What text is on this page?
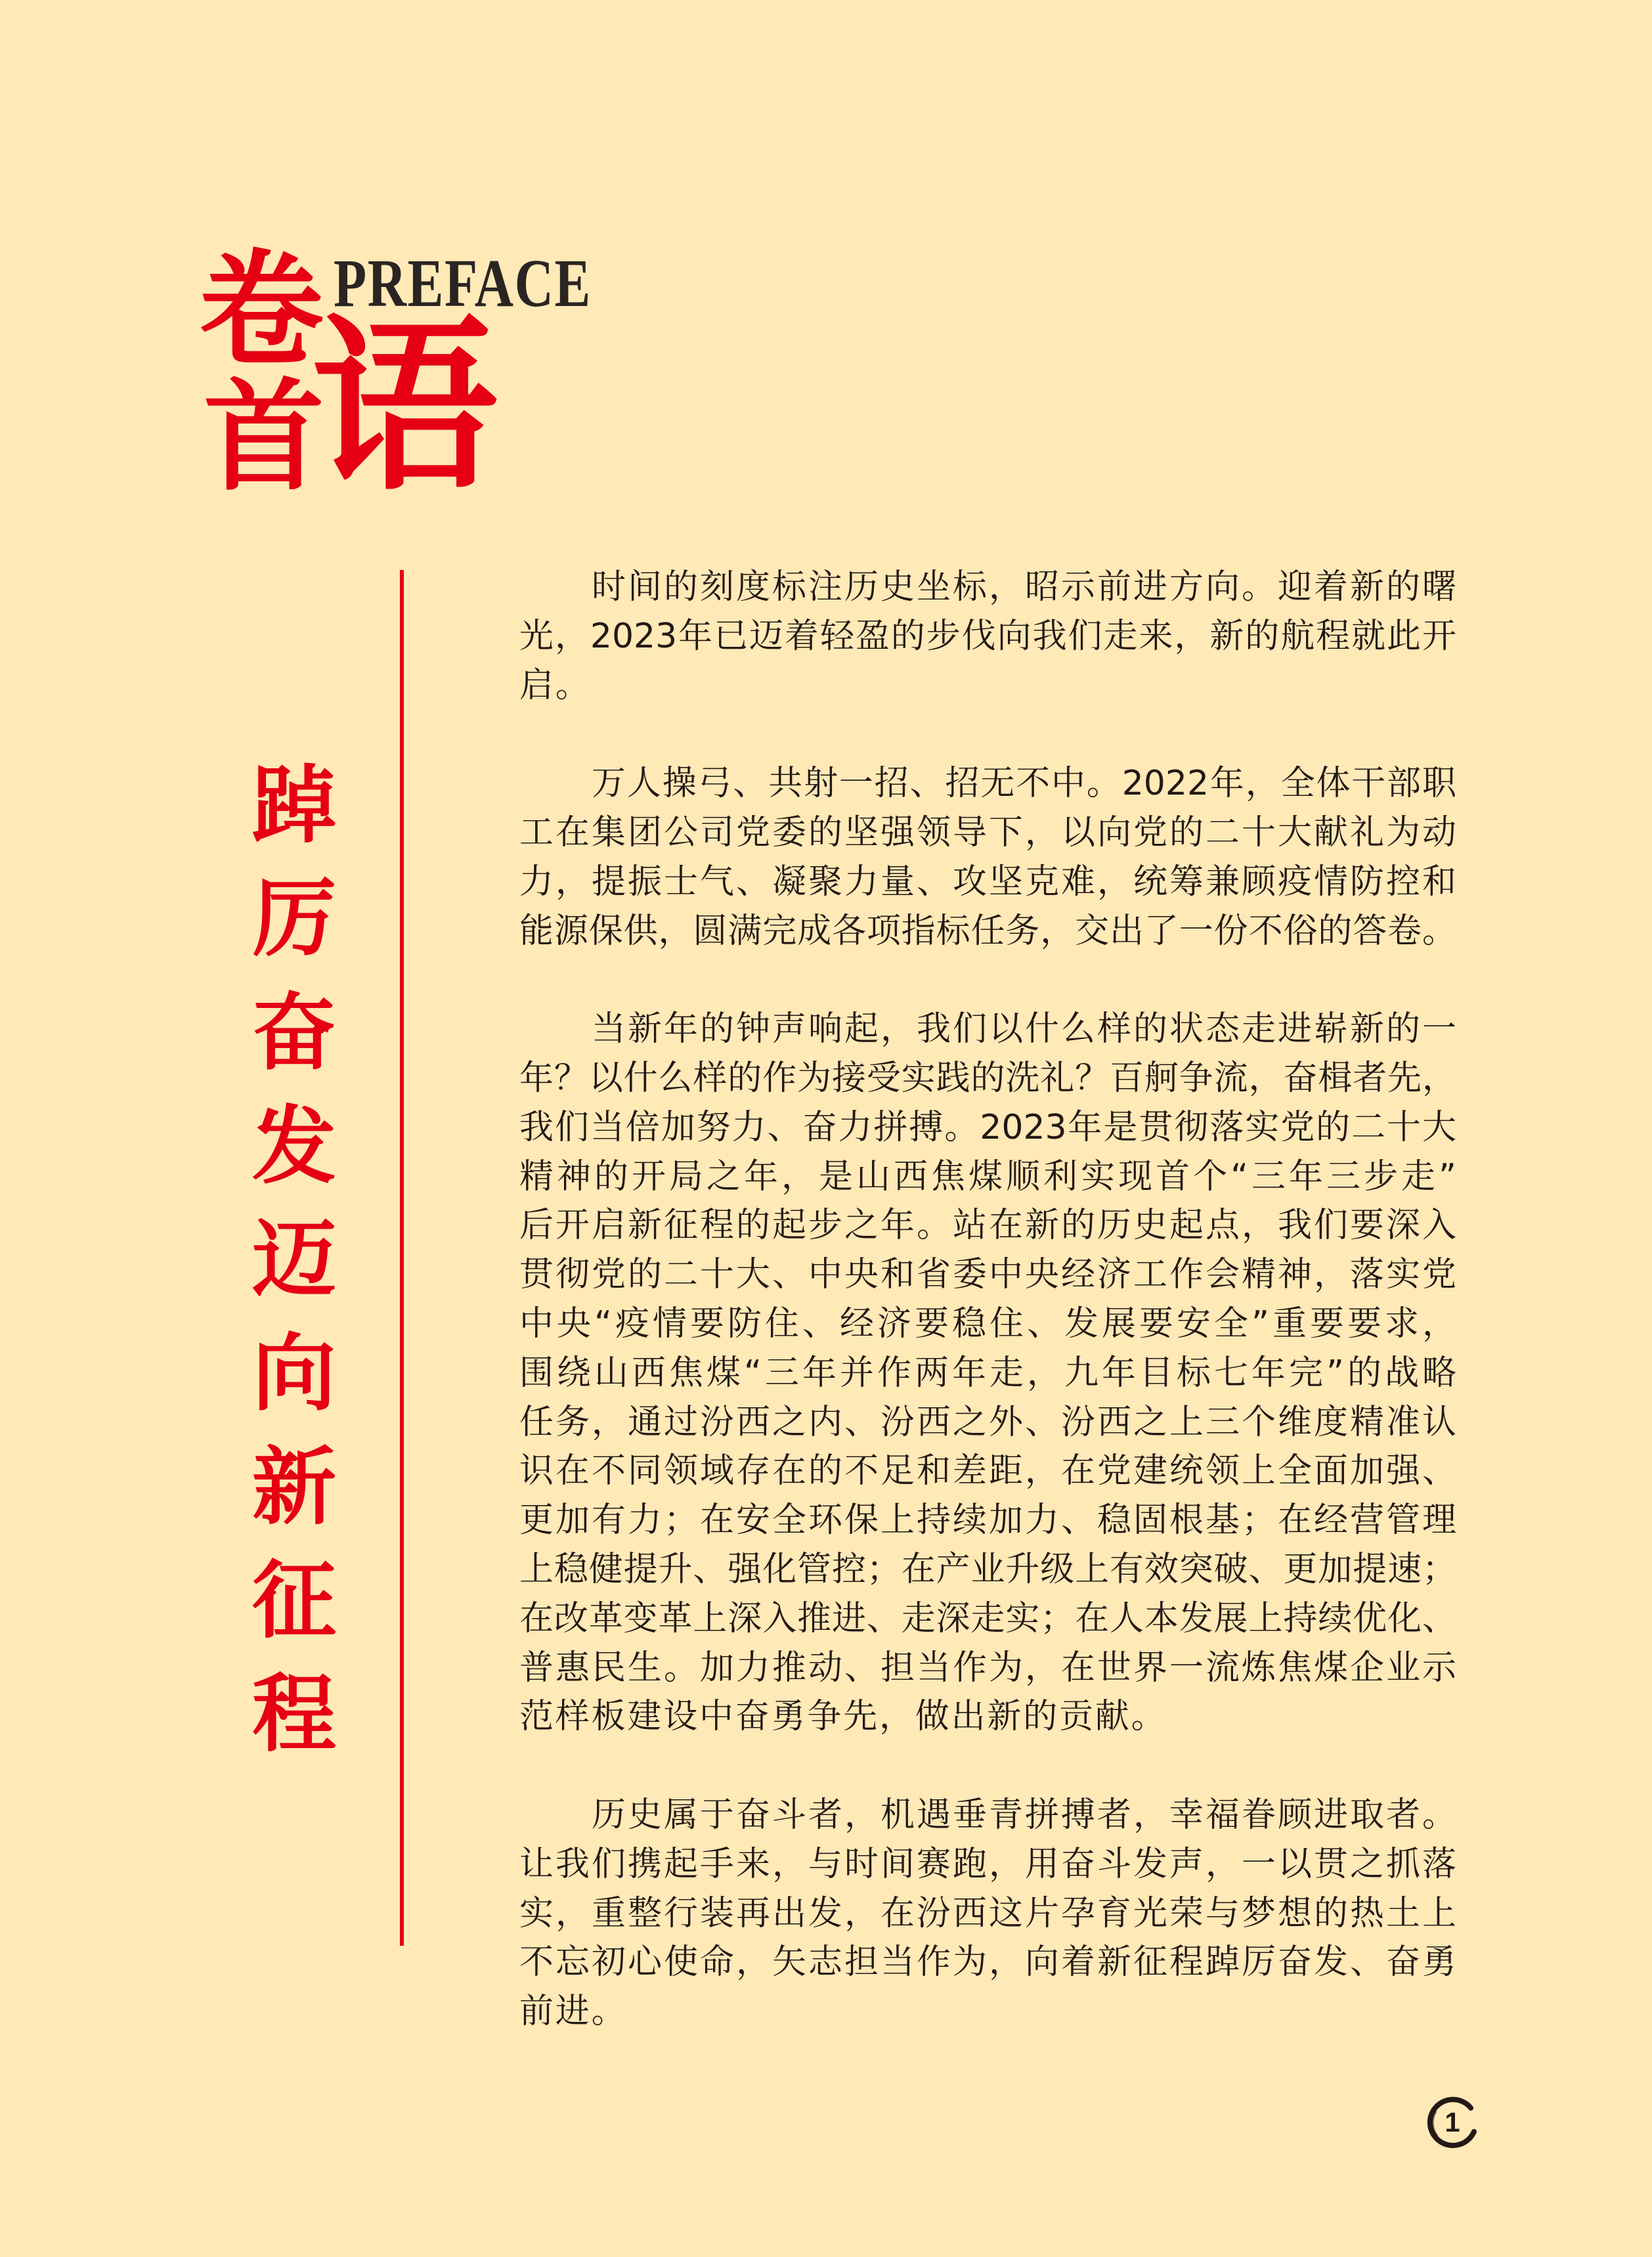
卷
首
语
PREFACE
踔厉奋发迈向新征程

时间的刻度标注历史坐标，昭示前进方向。迎着新的曙
光，2023年已迈着轻盈的步伐向我们走来，新的航程就此开
启。

万人操弓、共射一招、招无不中。2022年，全体干部职
工在集团公司党委的坚强领导下，以向党的二十大献礼为动
力，提振士气、凝聚力量、攻坚克难，统筹兼顾疫情防控和
能源保供，圆满完成各项指标任务，交出了一份不俗的答卷。

当新年的钟声响起，我们以什么样的状态走进崭新的一
年？以什么样的作为接受实践的洗礼？百舸争流，奋楫者先，
我们当倍加努力、奋力拼搏。2023年是贯彻落实党的二十大
精神的开局之年，是山西焦煤顺利实现首个“三年三步走”
后开启新征程的起步之年。站在新的历史起点，我们要深入
贯彻党的二十大、中央和省委中央经济工作会精神，落实党
中央“疫情要防住、经济要稳住、发展要安全”重要要求，
围绕山西焦煤“三年并作两年走，九年目标七年完”的战略
任务，通过汾西之内、汾西之外、汾西之上三个维度精准认
识在不同领域存在的不足和差距，在党建统领上全面加强、
更加有力；在安全环保上持续加力、稳固根基；在经营管理
上稳健提升、强化管控；在产业升级上有效突破、更加提速；
在改革变革上深入推进、走深走实；在人本发展上持续优化、
普惠民生。加力推动、担当作为，在世界一流炼焦煤企业示
范样板建设中奋勇争先，做出新的贡献。

历史属于奋斗者，机遇垂青拼搏者，幸福眷顾进取者。
让我们携起手来，与时间赛跑，用奋斗发声，一以贯之抓落
实，重整行装再出发，在汾西这片孕育光荣与梦想的热土上
不忘初心使命，矢志担当作为，向着新征程踔厉奋发、奋勇
前进。

1
